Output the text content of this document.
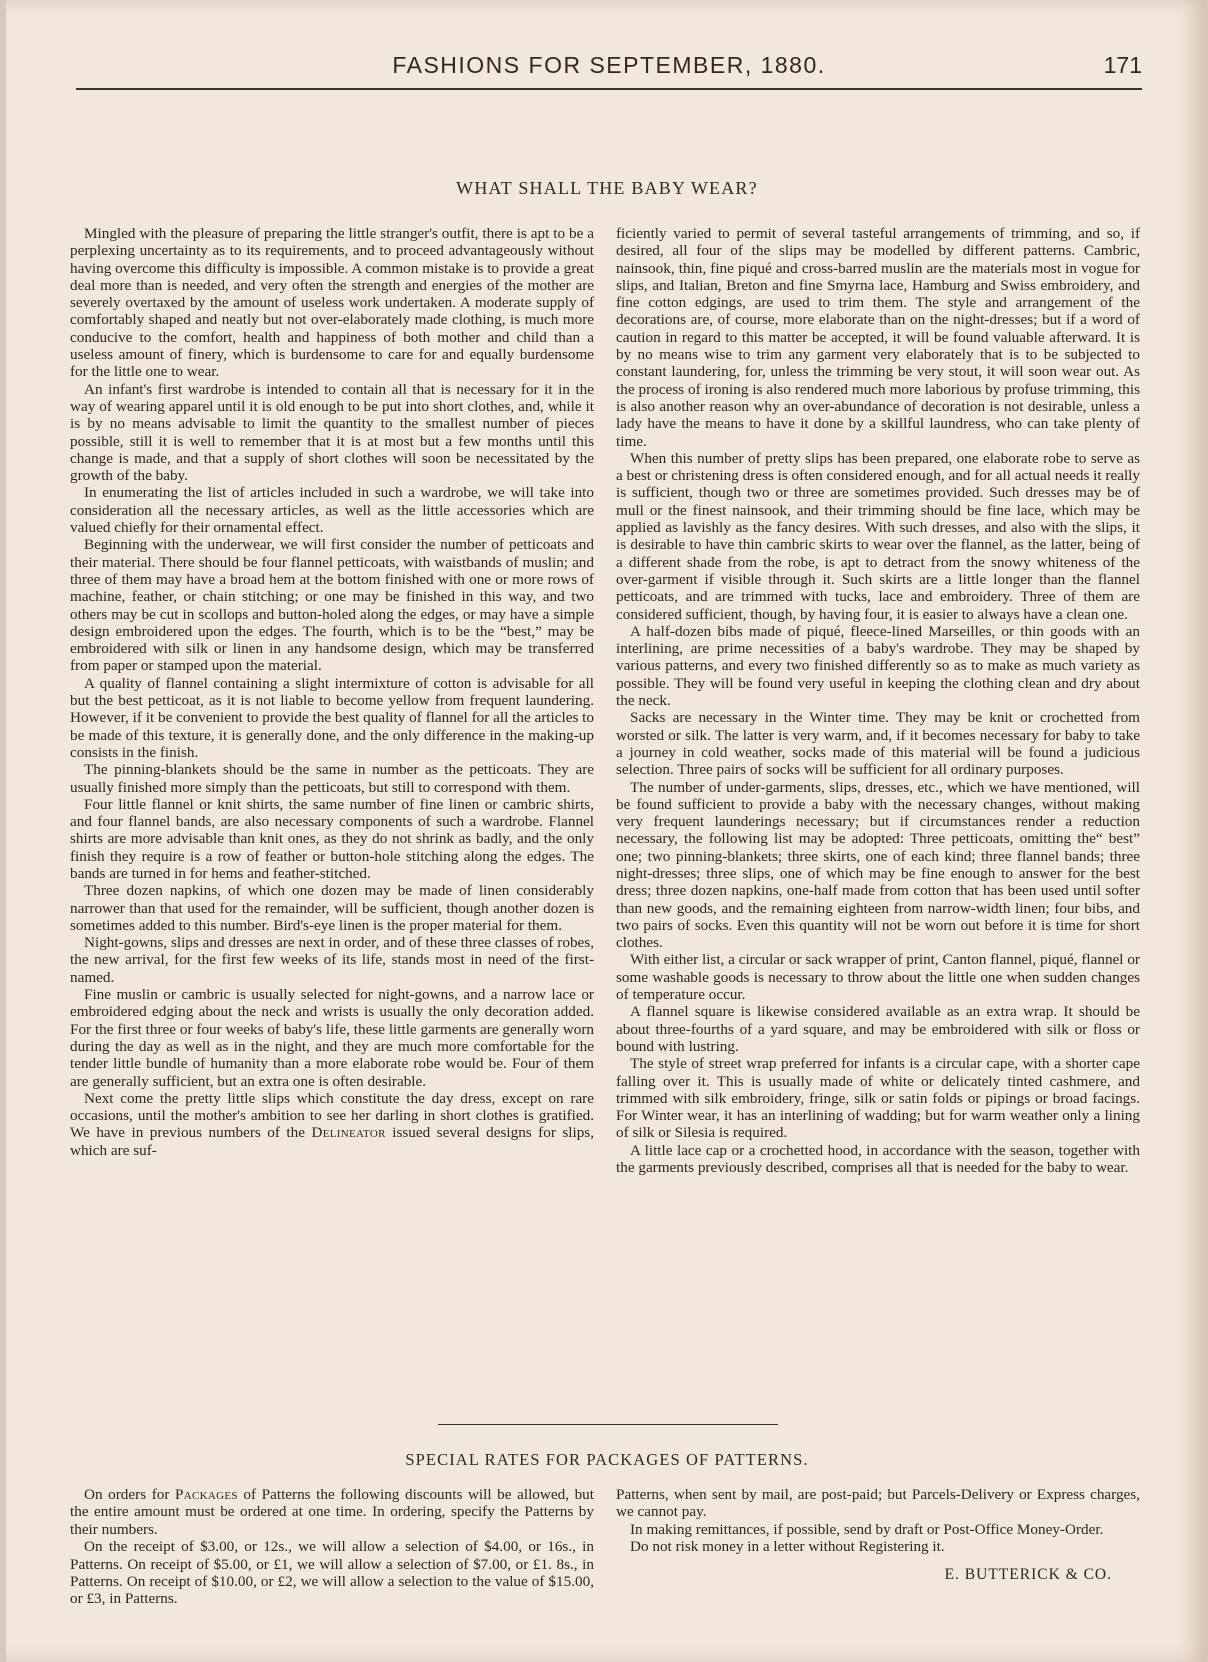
FASHIONS FOR SEPTEMBER, 1880.	171
WHAT SHALL THE BABY WEAR?

Mingled with the pleasure of preparing the little stranger's outfit, there is apt to be a perplexing uncertainty as to its requirements, and to proceed advantageously without having overcome this difficulty is impossible. A common mistake is to provide a great deal more than is needed, and very often the strength and energies of the mother are severely overtaxed by the amount of useless work undertaken. A moderate supply of comfortably shaped and neatly but not over-elaborately made clothing, is much more conducive to the comfort, health and happiness of both mother and child than a useless amount of finery, which is burdensome to care for and equally burdensome for the little one to wear.

An infant's first wardrobe is intended to contain all that is necessary for it in the way of wearing apparel until it is old enough to be put into short clothes, and, while it is by no means advisable to limit the quantity to the smallest number of pieces possible, still it is well to remember that it is at most but a few months until this change is made, and that a supply of short clothes will soon be necessitated by the growth of the baby.

In enumerating the list of articles included in such a wardrobe, we will take into consideration all the necessary articles, as well as the little accessories which are valued chiefly for their ornamental effect.

Beginning with the underwear, we will first consider the number of petticoats and their material. There should be four flannel petticoats, with waistbands of muslin; and three of them may have a broad hem at the bottom finished with one or more rows of machine, feather, or chain stitching; or one may be finished in this way, and two others may be cut in scollops and button-holed along the edges, or may have a simple design embroidered upon the edges. The fourth, which is to be the “best,” may be embroidered with silk or linen in any handsome design, which may be transferred from paper or stamped upon the material.

A quality of flannel containing a slight intermixture of cotton is advisable for all but the best petticoat, as it is not liable to become yellow from frequent laundering. However, if it be convenient to provide the best quality of flannel for all the articles to be made of this texture, it is generally done, and the only difference in the making-up consists in the finish.

The pinning-blankets should be the same in number as the petticoats. They are usually finished more simply than the petticoats, but still to correspond with them.

Four little flannel or knit shirts, the same number of fine linen or cambric shirts, and four flannel bands, are also necessary components of such a wardrobe. Flannel shirts are more advisable than knit ones, as they do not shrink as badly, and the only finish they require is a row of feather or button-hole stitching along the edges. The bands are turned in for hems and feather-stitched.

Three dozen napkins, of which one dozen may be made of linen considerably narrower than that used for the remainder, will be sufficient, though another dozen is sometimes added to this number. Bird's-eye linen is the proper material for them.

Night-gowns, slips and dresses are next in order, and of these three classes of robes, the new arrival, for the first few weeks of its life, stands most in need of the first-named.

Fine muslin or cambric is usually selected for night-gowns, and a narrow lace or embroidered edging about the neck and wrists is usually the only decoration added. For the first three or four weeks of baby's life, these little garments are generally worn during the day as well as in the night, and they are much more comfortable for the tender little bundle of humanity than a more elaborate robe would be. Four of them are generally sufficient, but an extra one is often desirable.

Next come the pretty little slips which constitute the day dress, except on rare occasions, until the mother's ambition to see her darling in short clothes is gratified. We have in previous numbers of the Delineator issued several designs for slips, which are suf-

ficiently varied to permit of several tasteful arrangements of trimming, and so, if desired, all four of the slips may be modelled by different patterns. Cambric, nainsook, thin, fine piqué and cross-barred muslin are the materials most in vogue for slips, and Italian, Breton and fine Smyrna lace, Hamburg and Swiss embroidery, and fine cotton edgings, are used to trim them. The style and arrangement of the decorations are, of course, more elaborate than on the night-dresses; but if a word of caution in regard to this matter be accepted, it will be found valuable afterward. It is by no means wise to trim any garment very elaborately that is to be subjected to constant laundering, for, unless the trimming be very stout, it will soon wear out. As the process of ironing is also rendered much more laborious by profuse trimming, this is also another reason why an over-abundance of decoration is not desirable, unless a lady have the means to have it done by a skillful laundress, who can take plenty of time.

When this number of pretty slips has been prepared, one elaborate robe to serve as a best or christening dress is often considered enough, and for all actual needs it really is sufficient, though two or three are sometimes provided. Such dresses may be of mull or the finest nainsook, and their trimming should be fine lace, which may be applied as lavishly as the fancy desires. With such dresses, and also with the slips, it is desirable to have thin cambric skirts to wear over the flannel, as the latter, being of a different shade from the robe, is apt to detract from the snowy whiteness of the over-garment if visible through it. Such skirts are a little longer than the flannel petticoats, and are trimmed with tucks, lace and embroidery. Three of them are considered sufficient, though, by having four, it is easier to always have a clean one.

A half-dozen bibs made of piqué, fleece-lined Marseilles, or thin goods with an interlining, are prime necessities of a baby's wardrobe. They may be shaped by various patterns, and every two finished differently so as to make as much variety as possible. They will be found very useful in keeping the clothing clean and dry about the neck.

Sacks are necessary in the Winter time. They may be knit or crochetted from worsted or silk. The latter is very warm, and, if it becomes necessary for baby to take a journey in cold weather, socks made of this material will be found a judicious selection. Three pairs of socks will be sufficient for all ordinary purposes.

The number of under-garments, slips, dresses, etc., which we have mentioned, will be found sufficient to provide a baby with the necessary changes, without making very frequent launderings necessary; but if circumstances render a reduction necessary, the following list may be adopted: Three petticoats, omitting the“ best” one; two pinning-blankets; three skirts, one of each kind; three flannel bands; three night-dresses; three slips, one of which may be fine enough to answer for the best dress; three dozen napkins, one-half made from cotton that has been used until softer than new goods, and the remaining eighteen from narrow-width linen; four bibs, and two pairs of socks. Even this quantity will not be worn out before it is time for short clothes.

With either list, a circular or sack wrapper of print, Canton flannel, piqué, flannel or some washable goods is necessary to throw about the little one when sudden changes of temperature occur.

A flannel square is likewise considered available as an extra wrap. It should be about three-fourths of a yard square, and may be embroidered with silk or floss or bound with lustring.

The style of street wrap preferred for infants is a circular cape, with a shorter cape falling over it. This is usually made of white or delicately tinted cashmere, and trimmed with silk embroidery, fringe, silk or satin folds or pipings or broad facings. For Winter wear, it has an interlining of wadding; but for warm weather only a lining of silk or Silesia is required.

A little lace cap or a crochetted hood, in accordance with the season, together with the garments previously described, comprises all that is needed for the baby to wear.

SPECIAL RATES FOR PACKAGES OF PATTERNS.

On orders for Packages of Patterns the following discounts will be allowed, but the entire amount must be ordered at one time. In ordering, specify the Patterns by their numbers.

On the receipt of $3.00, or 12s., we will allow a selection of $4.00, or 16s., in Patterns. On receipt of $5.00, or £1, we will allow a selection of $7.00, or £1. 8s., in Patterns. On receipt of $10.00, or £2, we will allow a selection to the value of $15.00, or £3, in Patterns.

Patterns, when sent by mail, are post-paid; but Parcels-Delivery or Express charges, we cannot pay.

In making remittances, if possible, send by draft or Post-Office Money-Order.

Do not risk money in a letter without Registering it.

E. BUTTERICK & CO.
